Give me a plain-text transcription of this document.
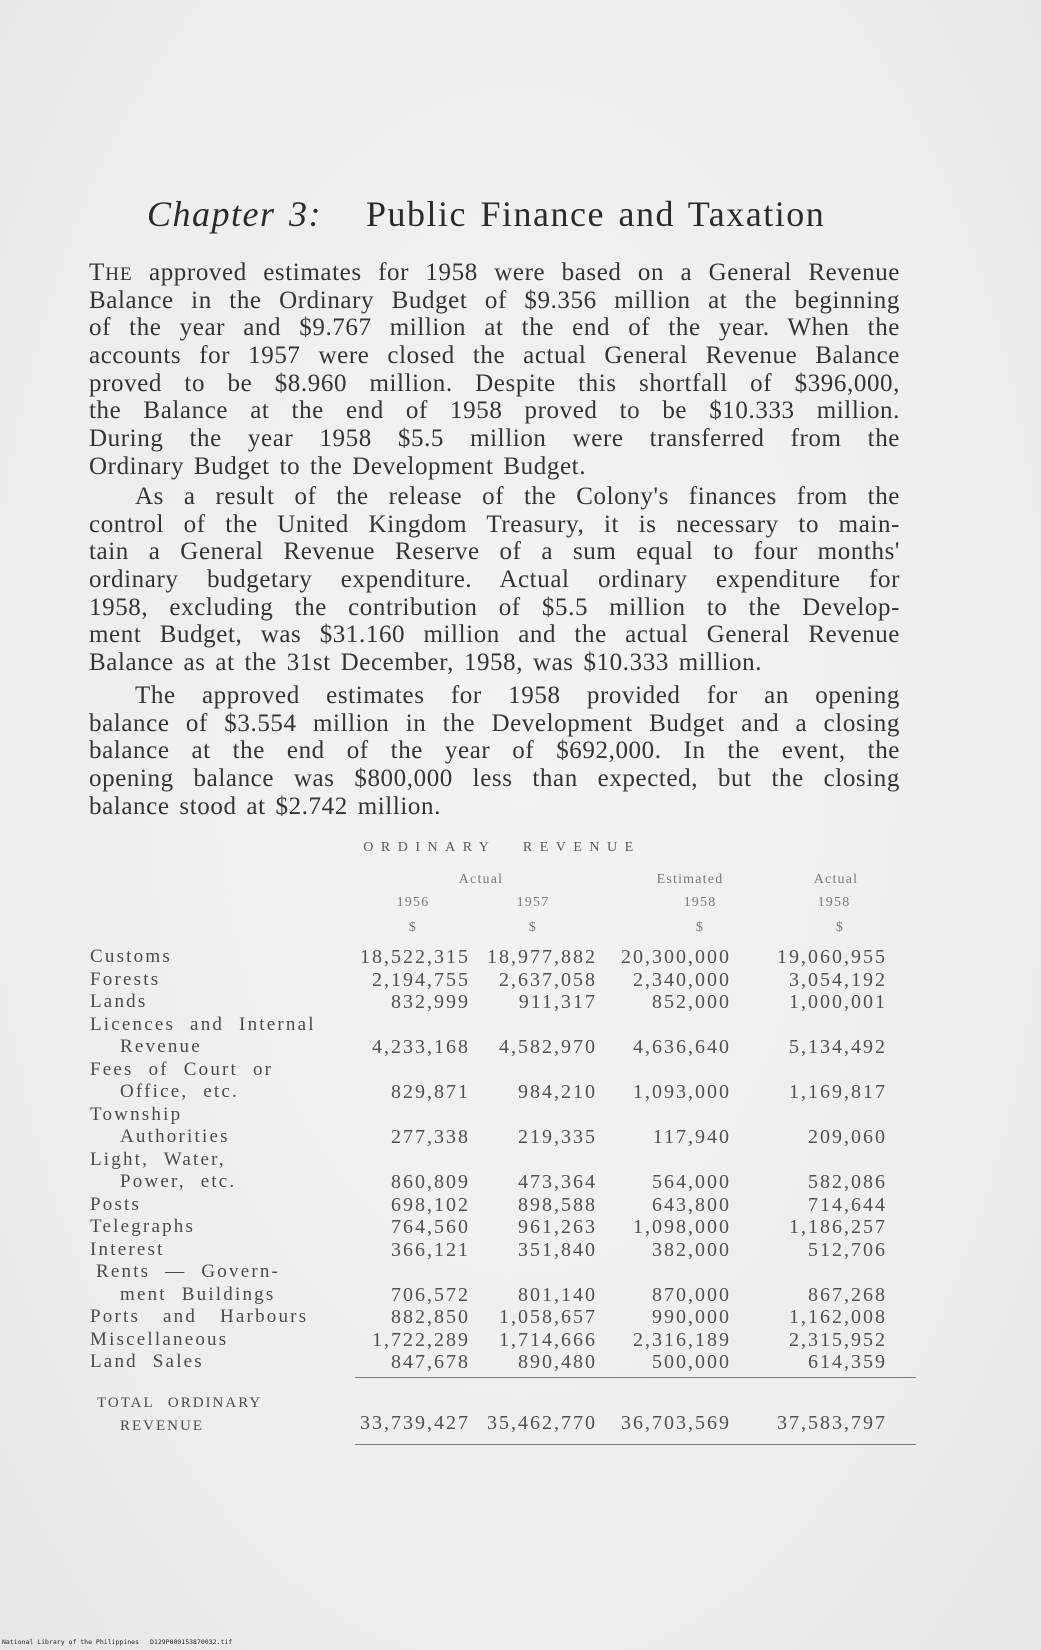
Chapter 3: Public Finance and Taxation
THE approved estimates for 1958 were based on a General Revenue
Balance in the Ordinary Budget of $9.356 million at the beginning
of the year and $9.767 million at the end of the year. When the
accounts for 1957 were closed the actual General Revenue Balance
proved to be $8.960 million. Despite this shortfall of $396,000,
the Balance at the end of 1958 proved to be $10.333 million.
During the year 1958 $5.5 million were transferred from the
Ordinary Budget to the Development Budget.
As a result of the release of the Colony's finances from the
control of the United Kingdom Treasury, it is necessary to main-
tain a General Revenue Reserve of a sum equal to four months'
ordinary budgetary expenditure. Actual ordinary expenditure for
1958, excluding the contribution of $5.5 million to the Develop-
ment Budget, was $31.160 million and the actual General Revenue
Balance as at the 31st December, 1958, was $10.333 million.
The approved estimates for 1958 provided for an opening
balance of $3.554 million in the Development Budget and a closing
balance at the end of the year of $692,000. In the event, the
opening balance was $800,000 less than expected, but the closing
balance stood at $2.742 million.
ORDINARY REVENUE
Actual	Estimated	Actual
1956	1957	1958	1958
$	$	$	$
Customs	18,522,315 18,977,882	20,300,000	19,060,955
Forests	2,194,755	2,637,058	2,340,000	3,054,192
Lands	832,999	911,317	852,000	1,000,001
Licences and Internal
Revenue	4,233,168	4,582,970	4,636,640	5,134,492
Fees of Court or
Office, etc.	829,871	984,210	1,093,000	1,169,817
Township
Authorities	277,338	219,335	117,940	209,060
Light, Water,
Power, etc.	860,809	473,364	564,000	582,086
Posts	698,102	898,588	643,800	714,644
Telegraphs	764,560	961,263	1,098,000	1,186,257
Interest	366,121	351,840	382,000	512,706
Rents — Govern-
ment Buildings	706,572	801,140	870,000	867,268
Ports and Harbours	882,850	1,058,657	990,000	1,162,008
Miscellaneous	1,722,289	1,714,666	2,316,189	2,315,952
Land Sales	847,678	890,480	500,000	614,359
TOTAL ORDINARY
REVENUE	33,739,427 35,462,770	36,703,569	37,583,797
National Library of the Philippines D129P000153870032.tif
